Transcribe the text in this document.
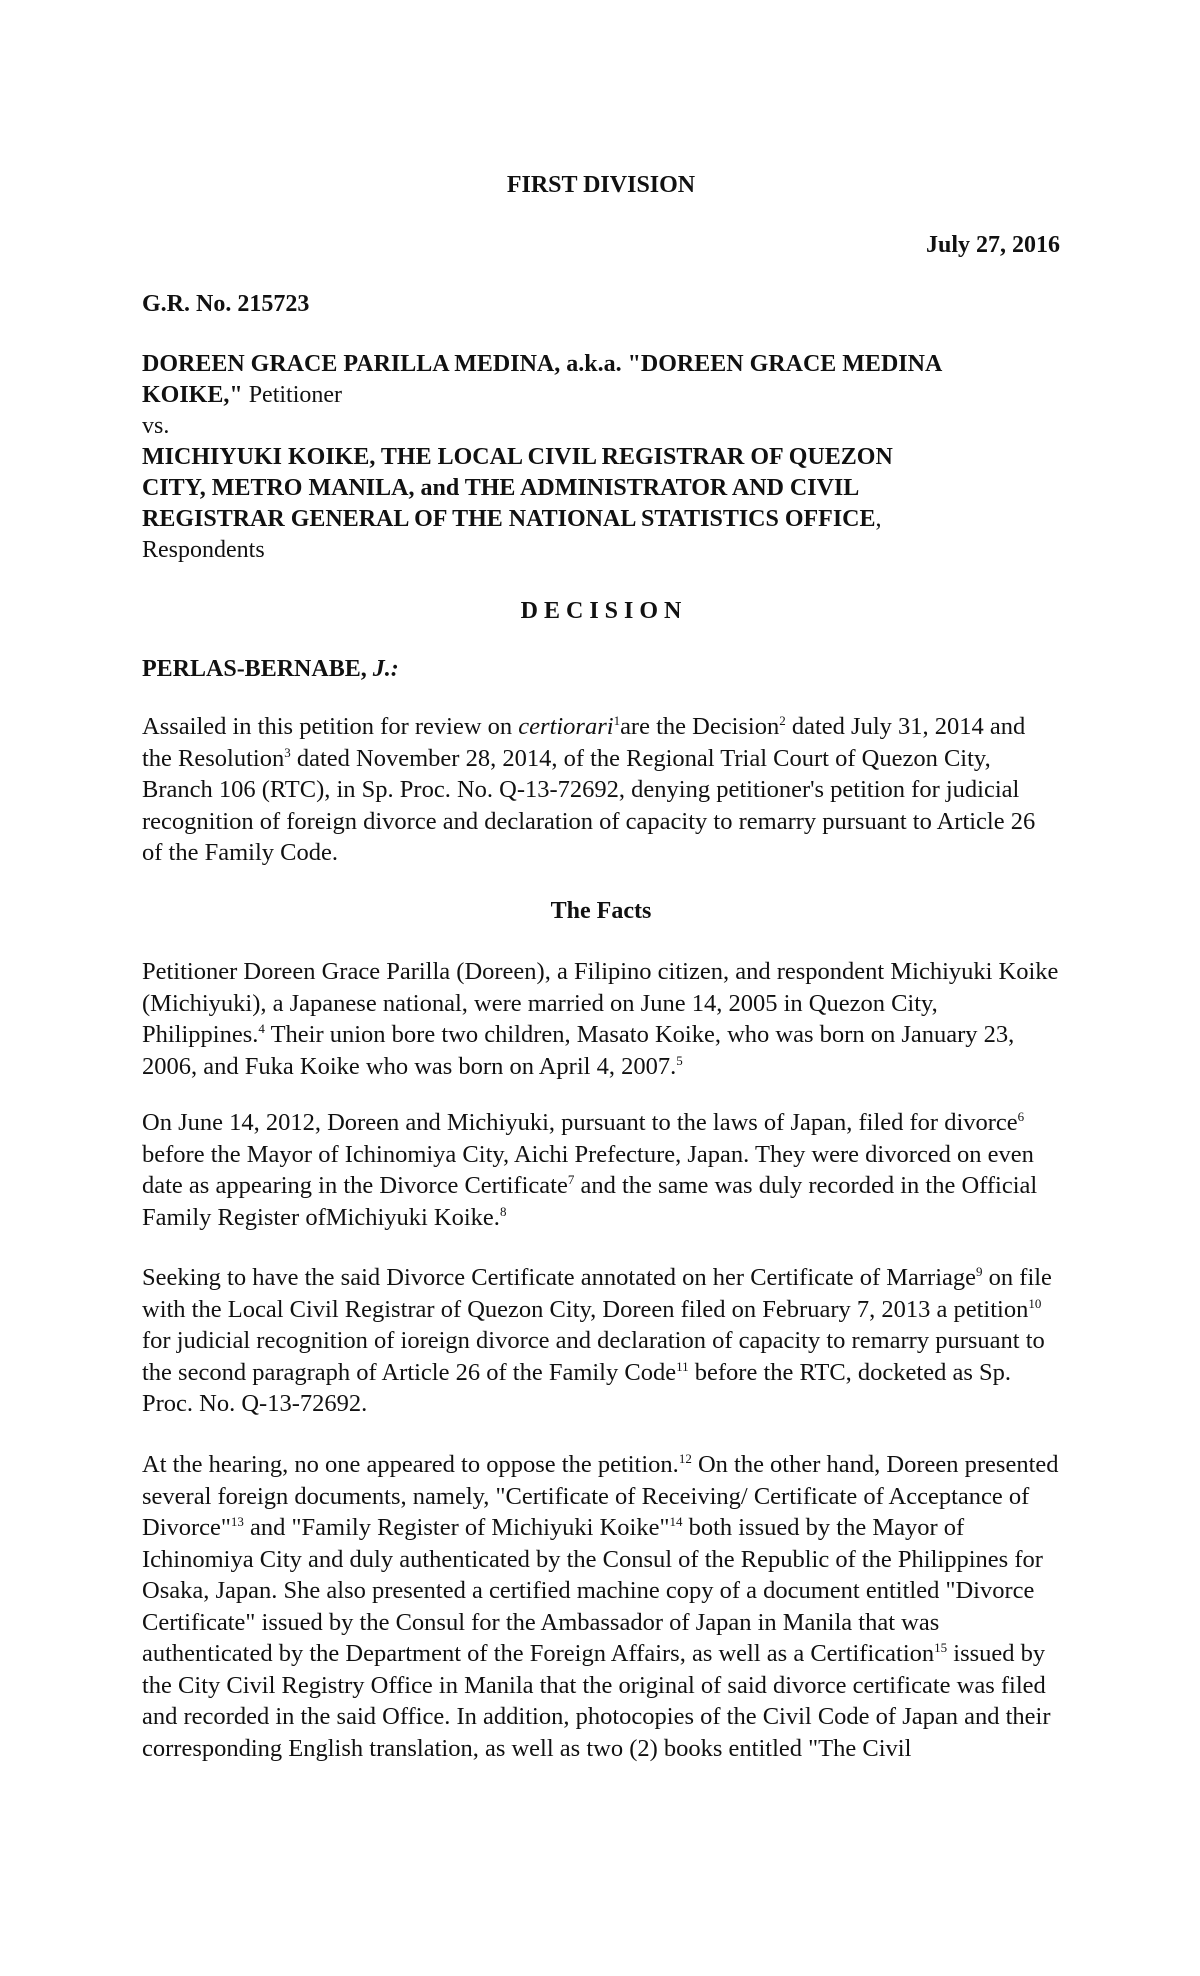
FIRST DIVISION
July 27, 2016
G.R. No. 215723
DOREEN GRACE PARILLA MEDINA, a.k.a. "DOREEN GRACE MEDINA
KOIKE," Petitioner
vs.
MICHIYUKI KOIKE, THE LOCAL CIVIL REGISTRAR OF QUEZON
CITY, METRO MANILA, and THE ADMINISTRATOR AND CIVIL
REGISTRAR GENERAL OF THE NATIONAL STATISTICS OFFICE,
Respondents
D E C I S I O N
PERLAS-BERNABE, J.:

Assailed in this petition for review on certiorari$^1$are the Decision$^2$ dated July 31, 2014 and the Resolution$^3$ dated November 28, 2014, of the Regional Trial Court of Quezon City, Branch 106 (RTC), in Sp. Proc. No. Q-13-72692, denying petitioner's petition for judicial recognition of foreign divorce and declaration of capacity to remarry pursuant to Article 26 of the Family Code.

The Facts

Petitioner Doreen Grace Parilla (Doreen), a Filipino citizen, and respondent Michiyuki Koike (Michiyuki), a Japanese national, were married on June 14, 2005 in Quezon City, Philippines.$^4$ Their union bore two children, Masato Koike, who was born on January 23, 2006, and Fuka Koike who was born on April 4, 2007.$^5$

On June 14, 2012, Doreen and Michiyuki, pursuant to the laws of Japan, filed for divorce$^6$ before the Mayor of Ichinomiya City, Aichi Prefecture, Japan. They were divorced on even date as appearing in the Divorce Certificate$^7$ and the same was duly recorded in the Official Family Register ofMichiyuki Koike.$^8$

Seeking to have the said Divorce Certificate annotated on her Certificate of Marriage$^9$ on file with the Local Civil Registrar of Quezon City, Doreen filed on February 7, 2013 a petition$^{10}$ for judicial recognition of ioreign divorce and declaration of capacity to remarry pursuant to the second paragraph of Article 26 of the Family Code$^{11}$ before the RTC, docketed as Sp. Proc. No. Q-13-72692.

At the hearing, no one appeared to oppose the petition.$^{12}$ On the other hand, Doreen presented several foreign documents, namely, "Certificate of Receiving/ Certificate of Acceptance of Divorce"$^{13}$ and "Family Register of Michiyuki Koike"$^{14}$ both issued by the Mayor of Ichinomiya City and duly authenticated by the Consul of the Republic of the Philippines for Osaka, Japan. She also presented a certified machine copy of a document entitled "Divorce Certificate" issued by the Consul for the Ambassador of Japan in Manila that was authenticated by the Department of the Foreign Affairs, as well as a Certification$^{15}$ issued by the City Civil Registry Office in Manila that the original of said divorce certificate was filed and recorded in the said Office. In addition, photocopies of the Civil Code of Japan and their corresponding English translation, as well as two (2) books entitled "The Civil
